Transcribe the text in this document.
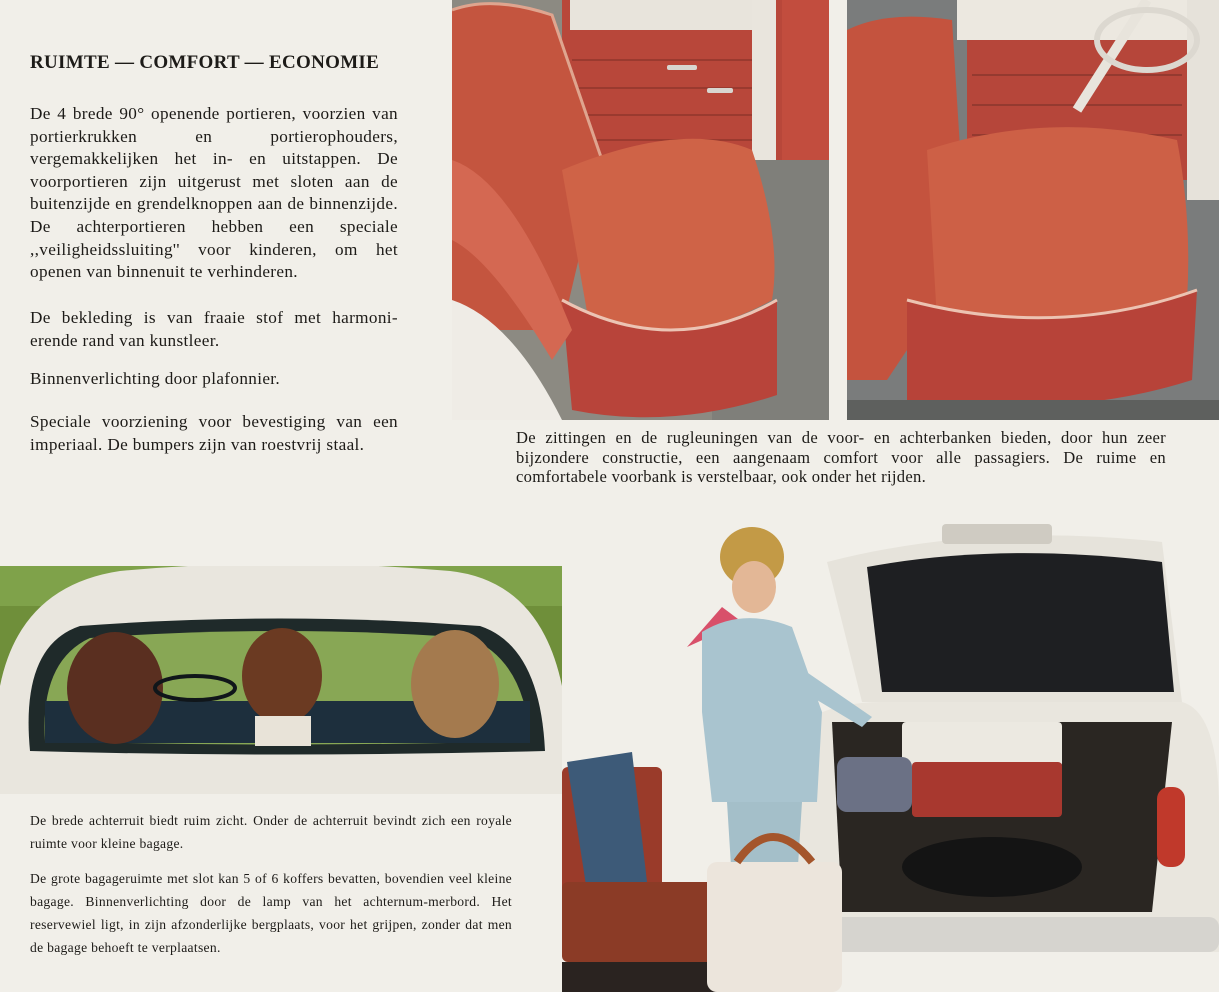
RUIMTE — COMFORT — ECONOMIE

De 4 brede 90° openende portieren, voorzien van portierkrukken en portierophouders, vergemakkelijken het in- en uitstappen. De voorportieren zijn uitgerust met sloten aan de buitenzijde en grendelknoppen aan de binnenzijde. De achterportieren hebben een speciale ,,veiligheidssluiting'' voor kinderen, om het openen van binnenuit te verhinderen.

De bekleding is van fraaie stof met harmoni-erende rand van kunstleer.

Binnenverlichting door plafonnier.

Speciale voorziening voor bevestiging van een imperiaal. De bumpers zijn van roestvrij staal.	De zittingen en de rugleuningen van de voor- en achterbanken bieden, door hun zeer bijzondere constructie, een aangenaam comfort voor alle passagiers. De ruime en comfortabele voorbank is verstelbaar, ook onder het rijden.

De brede achterruit biedt ruim zicht. Onder de achterruit bevindt zich een royale ruimte voor kleine bagage.

De grote bagageruimte met slot kan 5 of 6 koffers bevatten, bovendien veel kleine bagage. Binnenverlichting door de lamp van het achternum-merbord. Het reservewiel ligt, in zijn afzonderlijke bergplaats, voor het grijpen, zonder dat men de bagage behoeft te verplaatsen.
